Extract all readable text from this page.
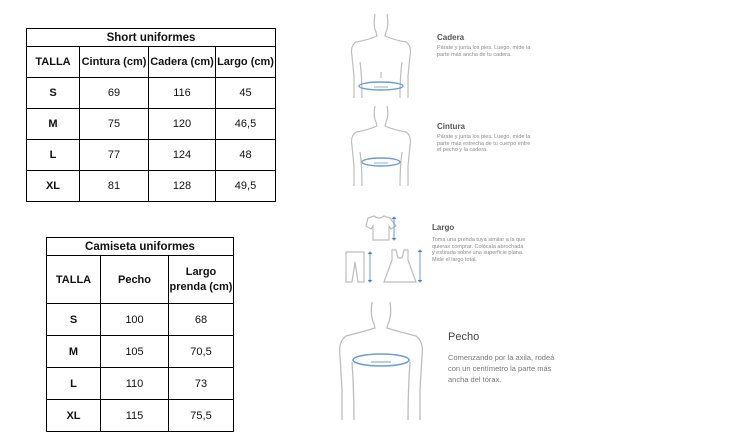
Short uniformes			
TALLA	Cintura (cm)	Cadera (cm)	Largo (cm)
S	69	116	45
M	75	120	46,5
L	77	124	48
XL	81	128	49,5
Camiseta uniformes		
TALLA	Pecho	Largo prenda (cm)
S	100	68
M	105	70,5
L	110	73
XL	115	75,5
Cadera
Párate y junta los pies. Luego, mide la parte más ancha de tu cadera.
Cintura
Párate y junta los pies. Luego, mide la parte más estrecha de tu cuerpo entre el pecho y la cadera.
Largo
Toma una prenda tuya similar a la que quieras comprar. Colócala abrochada y estirada sobre una superficie plana. Mide el largo total.
Pecho
Comenzando por la axila, rodeá con un centímetro la parte más ancha del tórax.
